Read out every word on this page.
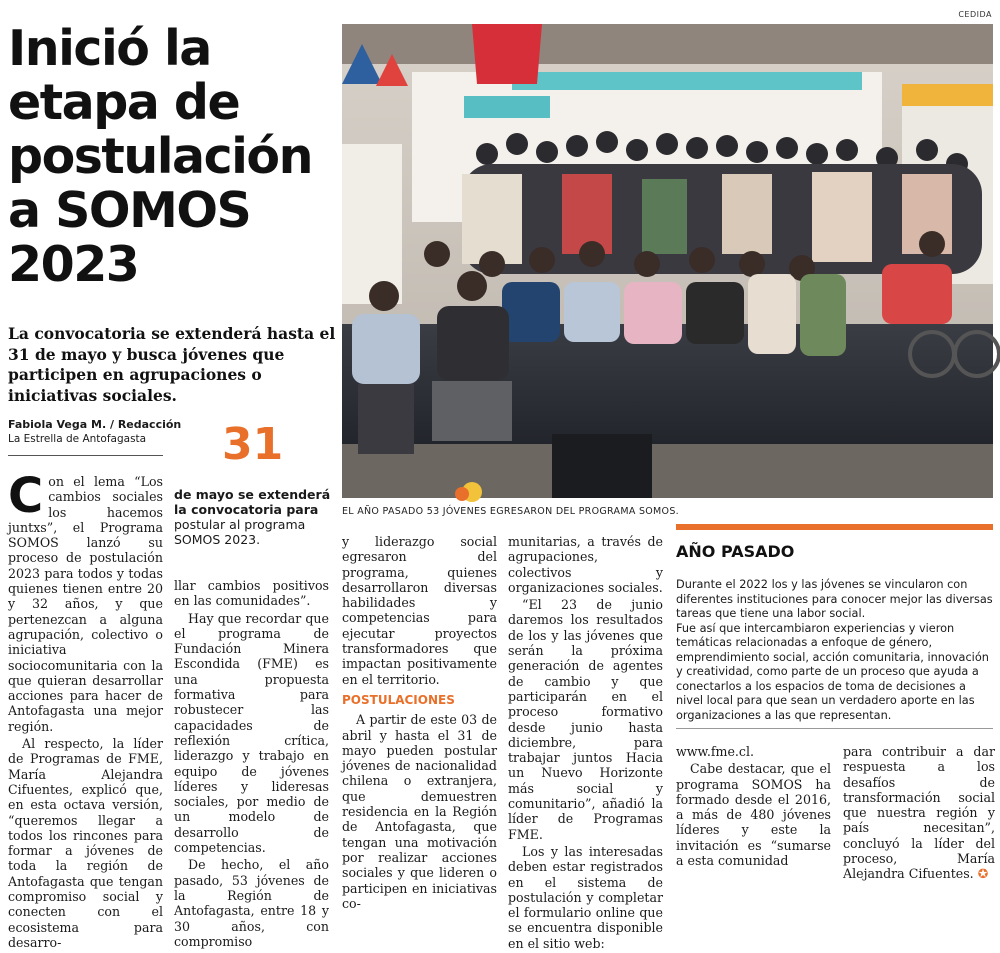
CEDIDA
Inició la etapa de postulación a SOMOS 2023
La convocatoria se extenderá hasta el 31 de mayo y busca jóvenes que participen en agrupaciones o iniciativas sociales.
Fabiola Vega M. / Redacción
La Estrella de Antofagasta	31
de mayo se extenderá la convocatoria para
postular al programa SOMOS 2023.
EL AÑO PASADO 53 JÓVENES EGRESARON DEL PROGRAMA SOMOS.
C on el lema “Los cambios sociales los hacemos juntxs”, el Programa SOMOS lanzó su proceso de postulación 2023 para todos y todas quienes tienen entre 20 y 32 años, y que pertenezcan a alguna agrupación, colectivo o iniciativa sociocomunitaria con la que quieran desarrollar acciones para hacer de Antofagasta una mejor región.

Al respecto, la líder de Programas de FME, María Alejandra Cifuentes, explicó que, en esta octava versión, “queremos llegar a todos los rincones para formar a jóvenes de toda la región de Antofagasta que tengan compromiso social y conecten con el ecosistema para desarro-

llar cambios positivos en las comunidades”.

Hay que recordar que el programa de Fundación Minera Escondida (FME) es una propuesta formativa para robustecer las capacidades de reflexión crítica, liderazgo y trabajo en equipo de jóvenes líderes y lideresas sociales, por medio de un modelo de desarrollo de competencias.

De hecho, el año pasado, 53 jóvenes de la Región de Antofagasta, entre 18 y 30 años, con compromiso

y liderazgo social egresaron del programa, quienes desarrollaron diversas habilidades y competencias para ejecutar proyectos transformadores que impactan positivamente en el territorio.

POSTULACIONES

A partir de este 03 de abril y hasta el 31 de mayo pueden postular jóvenes de nacionalidad chilena o extranjera, que demuestren residencia en la Región de Antofagasta, que tengan una motivación por realizar acciones sociales y que lideren o participen en iniciativas co-

munitarias, a través de agrupaciones, colectivos y organizaciones sociales.

“El 23 de junio daremos los resultados de los y las jóvenes que serán la próxima generación de agentes de cambio y que participarán en el proceso formativo desde junio hasta diciembre, para trabajar juntos Hacia un Nuevo Horizonte más social y comunitario”, añadió la líder de Programas FME.

Los y las interesadas deben estar registrados en el sistema de postulación y completar el formulario online que se encuentra disponible en el sitio web:

AÑO PASADO

Durante el 2022 los y las jóvenes se vincularon con diferentes instituciones para conocer mejor las diversas tareas que tiene una labor social.

Fue así que intercambiaron experiencias y vieron temáticas relacionadas a enfoque de género, emprendimiento social, acción comunitaria, innovación y creatividad, como parte de un proceso que ayuda a conectarlos a los espacios de toma de decisiones a nivel local para que sean un verdadero aporte en las organizaciones a las que representan.

www.fme.cl.

Cabe destacar, que el programa SOMOS ha formado desde el 2016, a más de 480 jóvenes líderes y este la invitación es “sumarse a esta comunidad

para contribuir a dar respuesta a los desafíos de transformación social que nuestra región y país necesitan”, concluyó la líder del proceso, María Alejandra Cifuentes. ✪
